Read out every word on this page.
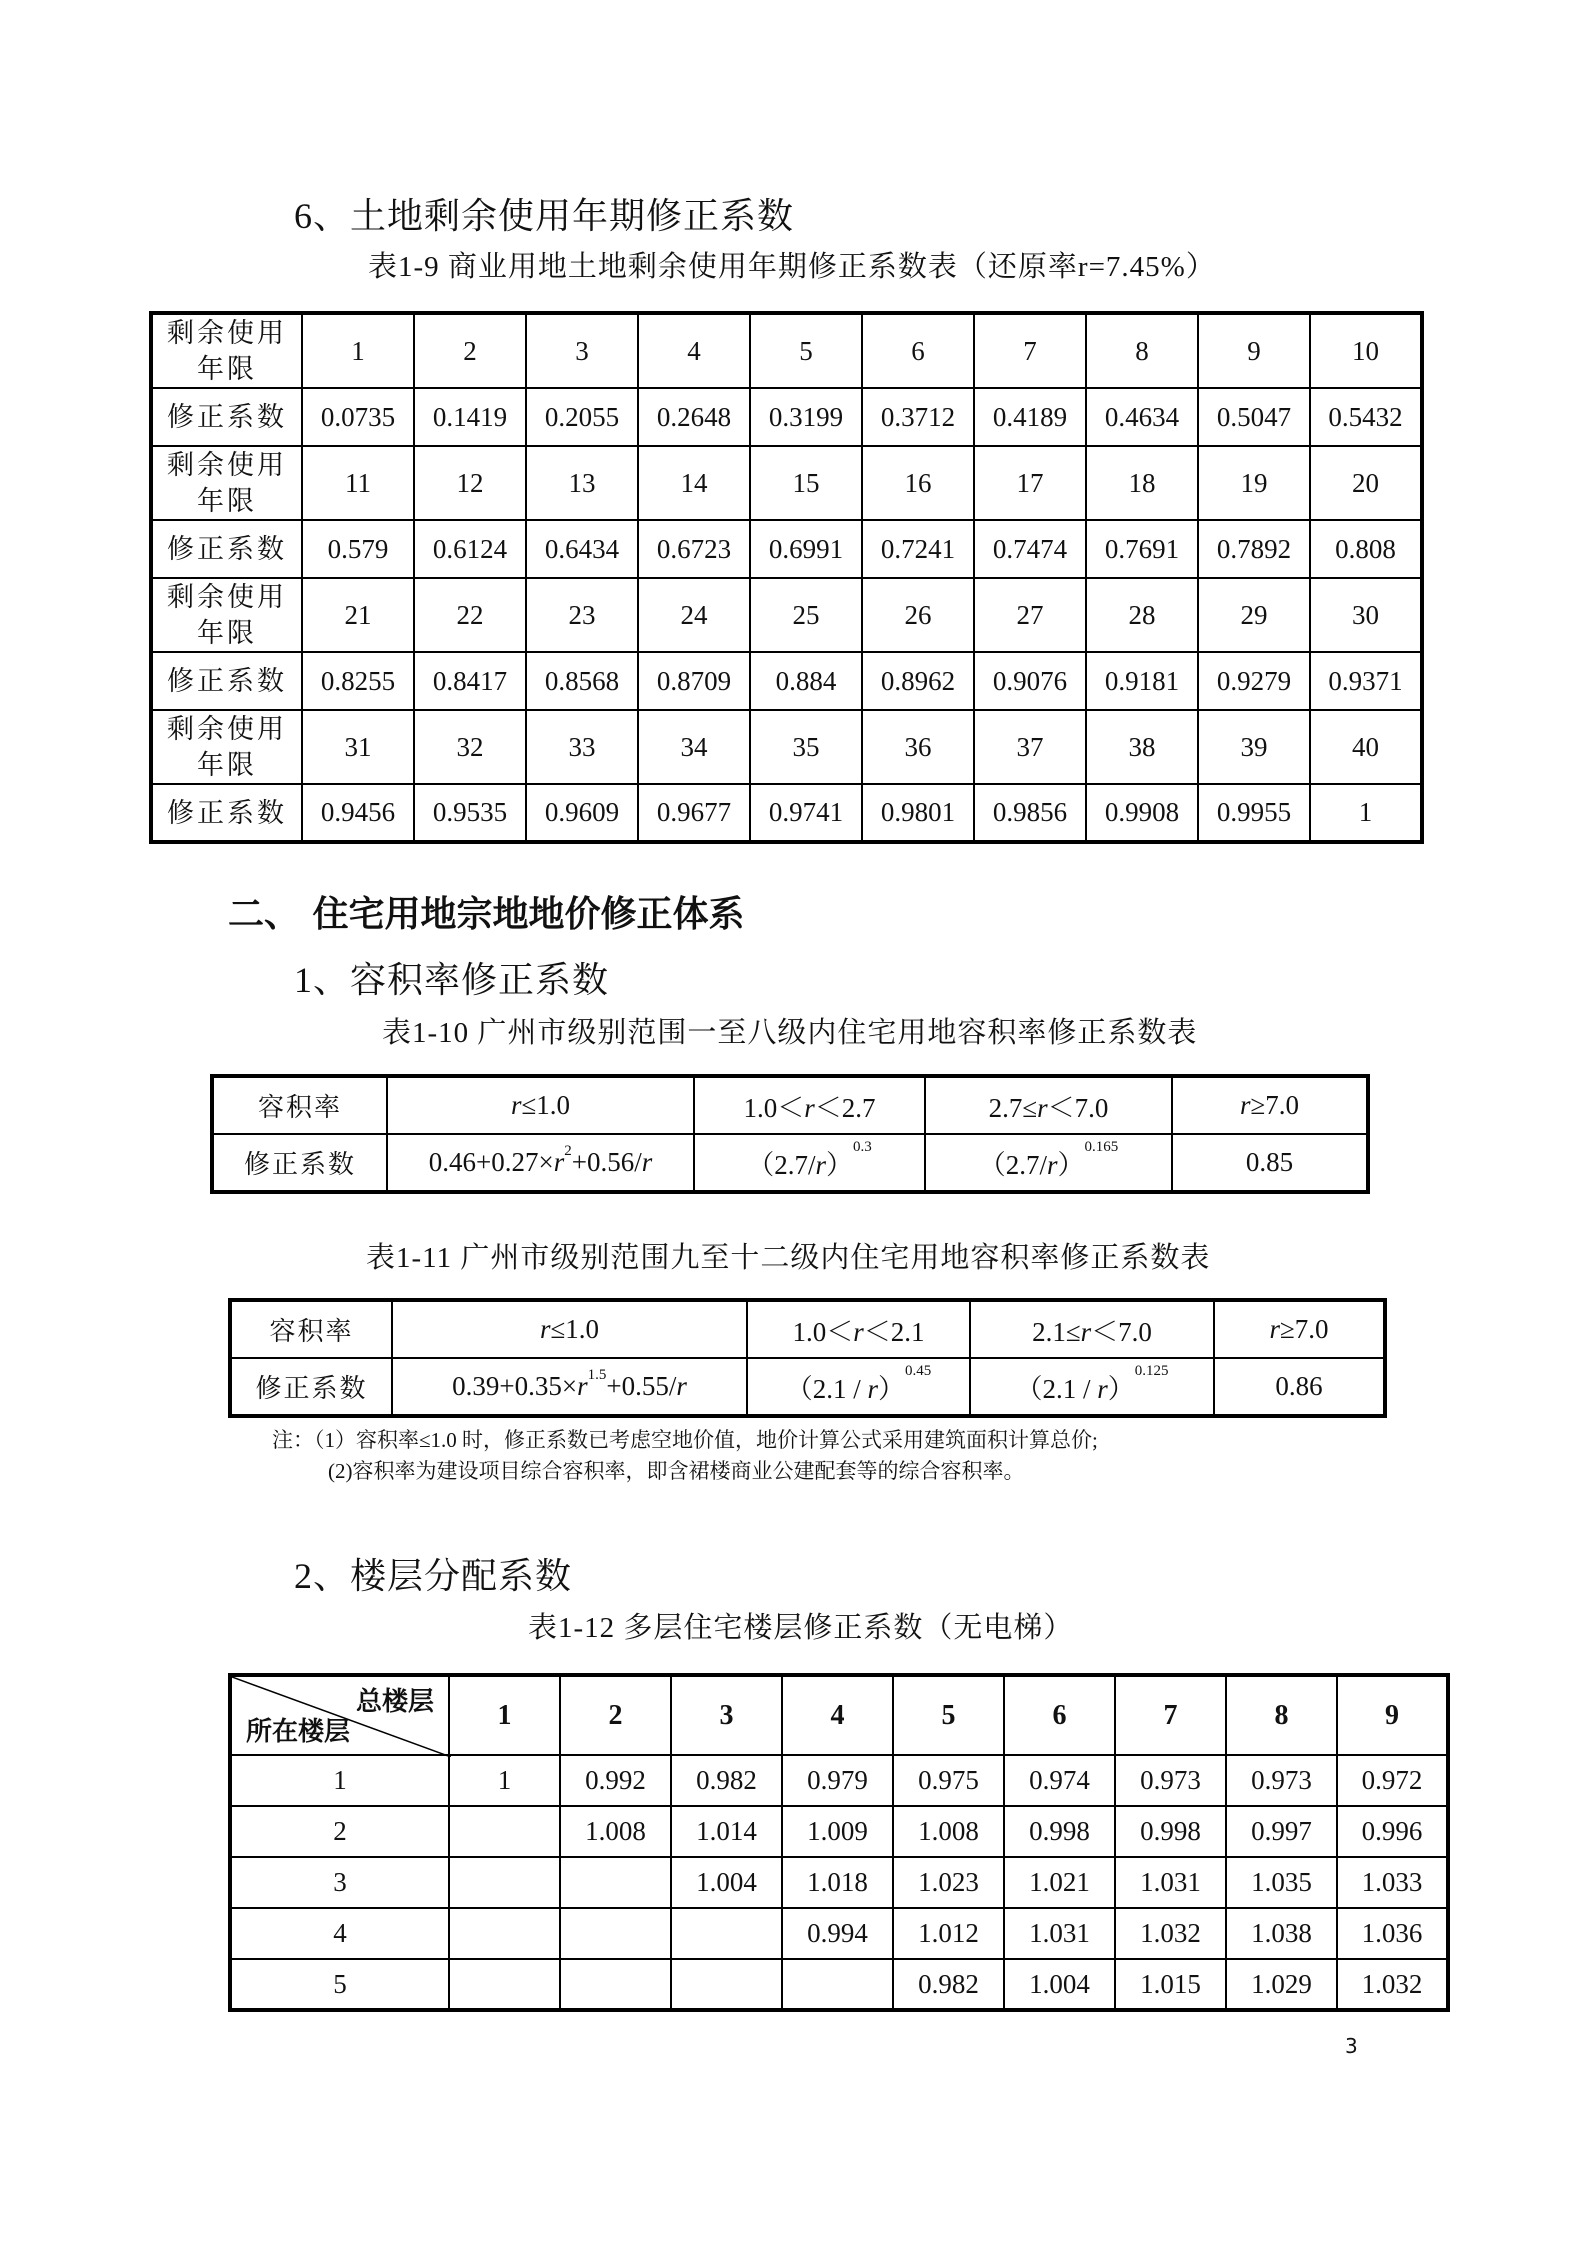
6、土地剩余使用年期修正系数
表1-9 商业用地土地剩余使用年期修正系数表（还原率r=7.45%）
剩余使用年限	1	2	3	4	5	6	7	8	9	10
修正系数	0.0735	0.1419	0.2055	0.2648	0.3199	0.3712	0.4189	0.4634	0.5047	0.5432
剩余使用年限	11	12	13	14	15	16	17	18	19	20
修正系数	0.579	0.6124	0.6434	0.6723	0.6991	0.7241	0.7474	0.7691	0.7892	0.808
剩余使用年限	21	22	23	24	25	26	27	28	29	30
修正系数	0.8255	0.8417	0.8568	0.8709	0.884	0.8962	0.9076	0.9181	0.9279	0.9371
剩余使用年限	31	32	33	34	35	36	37	38	39	40
修正系数	0.9456	0.9535	0.9609	0.9677	0.9741	0.9801	0.9856	0.9908	0.9955	1
二、 住宅用地宗地地价修正体系
1、容积率修正系数
表1-10 广州市级别范围一至八级内住宅用地容积率修正系数表
容积率	r≤1.0	1.0＜r＜2.7	2.7≤r＜7.0	r≥7.0
修正系数	$0.46+0.27\times r^2+0.56/r$	$(2.7/r)^{0.3}$	$(2.7/r)^{0.165}$	0.85
表1-11 广州市级别范围九至十二级内住宅用地容积率修正系数表
容积率	r≤1.0	1.0＜r＜2.1	2.1≤r＜7.0	r≥7.0
修正系数	$0.39+0.35\times r^{1.5}+0.55/r$	（2.1 / r）$^{0.45}$	（2.1 / r）$^{0.125}$	0.86
注：（1）容积率≤1.0 时，修正系数已考虑空地价值，地价计算公式采用建筑面积计算总价;
(2)容积率为建设项目综合容积率，即含裙楼商业公建配套等的综合容积率。
2、楼层分配系数
表1-12 多层住宅楼层修正系数（无电梯）
总楼层
所在楼层	1	2	3	4	5	6	7	8	9
1	1	0.992	0.982	0.979	0.975	0.974	0.973	0.973	0.972
2		1.008	1.014	1.009	1.008	0.998	0.998	0.997	0.996
3			1.004	1.018	1.023	1.021	1.031	1.035	1.033
4				0.994	1.012	1.031	1.032	1.038	1.036
5					0.982	1.004	1.015	1.029	1.032
3
